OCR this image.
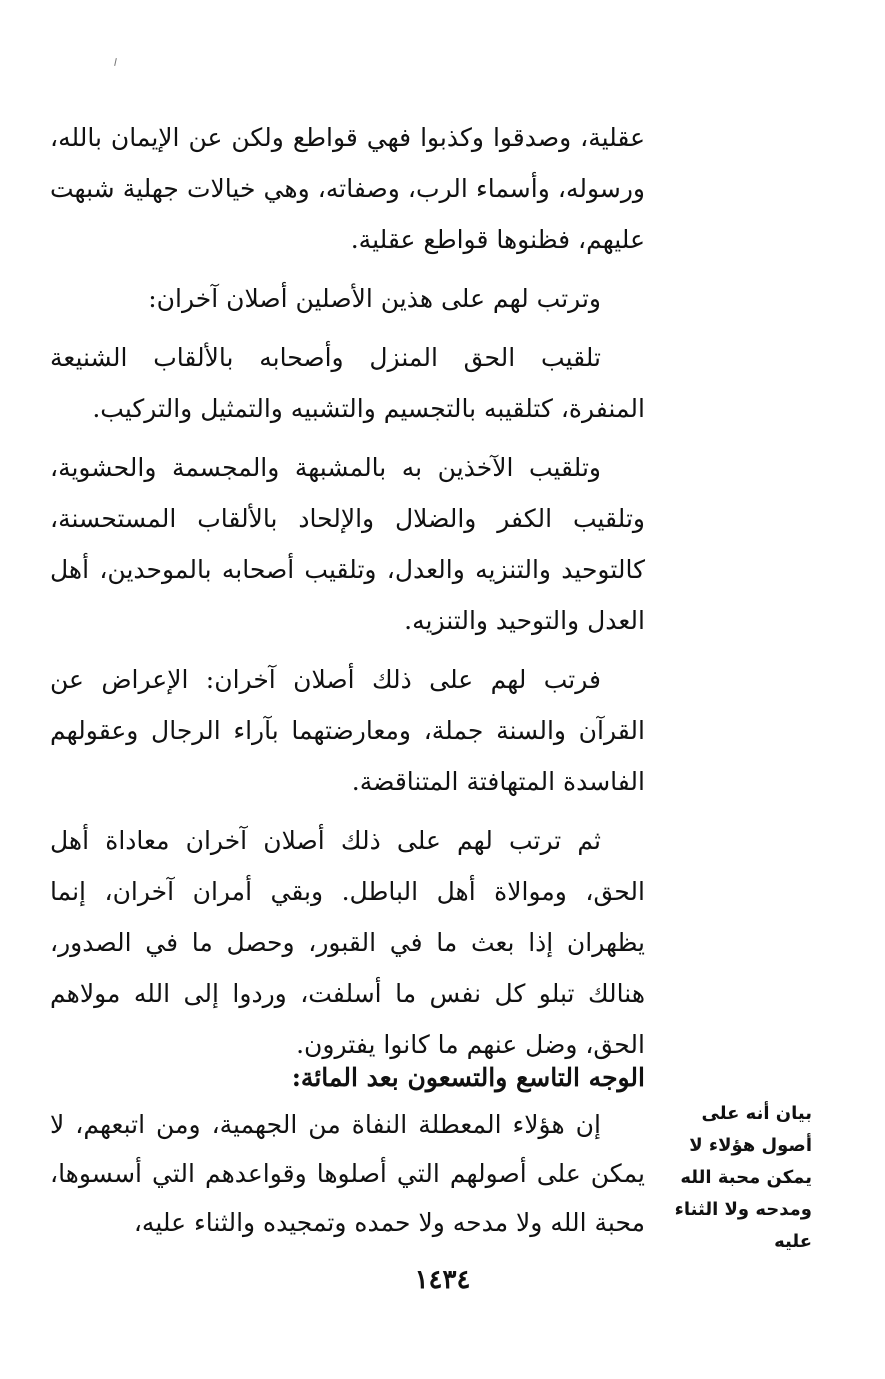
عقلية، وصدقوا وكذبوا فهي قواطع ولكن عن الإيمان بالله، ورسوله، وأسماء الرب، وصفاته، وهي خيالات جهلية شبهت عليهم، فظنوها قواطع عقلية.

وترتب لهم على هذين الأصلين أصلان آخران:

تلقيب الحق المنزل وأصحابه بالألقاب الشنيعة المنفرة، كتلقيبه بالتجسيم والتشبيه والتمثيل والتركيب.

وتلقيب الآخذين به بالمشبهة والمجسمة والحشوية، وتلقيب الكفر والضلال والإلحاد بالألقاب المستحسنة، كالتوحيد والتنزيه والعدل، وتلقيب أصحابه بالموحدين، أهل العدل والتوحيد والتنزيه.

فرتب لهم على ذلك أصلان آخران: الإعراض عن القرآن والسنة جملة، ومعارضتهما بآراء الرجال وعقولهم الفاسدة المتهافتة المتناقضة.

ثم ترتب لهم على ذلك أصلان آخران معاداة أهل الحق، وموالاة أهل الباطل. وبقي أمران آخران، إنما يظهران إذا بعث ما في القبور، وحصل ما في الصدور، هنالك تبلو كل نفس ما أسلفت، وردوا إلى الله مولاهم الحق، وضل عنهم ما كانوا يفترون.

الوجه التاسع والتسعون بعد المائة:
إن هؤلاء المعطلة النفاة من الجهمية، ومن اتبعهم، لا يمكن على أصولهم التي أصلوها وقواعدهم التي أسسوها، محبة الله ولا مدحه ولا حمده وتمجيده والثناء عليه،
بيان أنه على أصول هؤلاء لا يمكن محبة الله ومدحه ولا الثناء عليه
١٤٣٤
